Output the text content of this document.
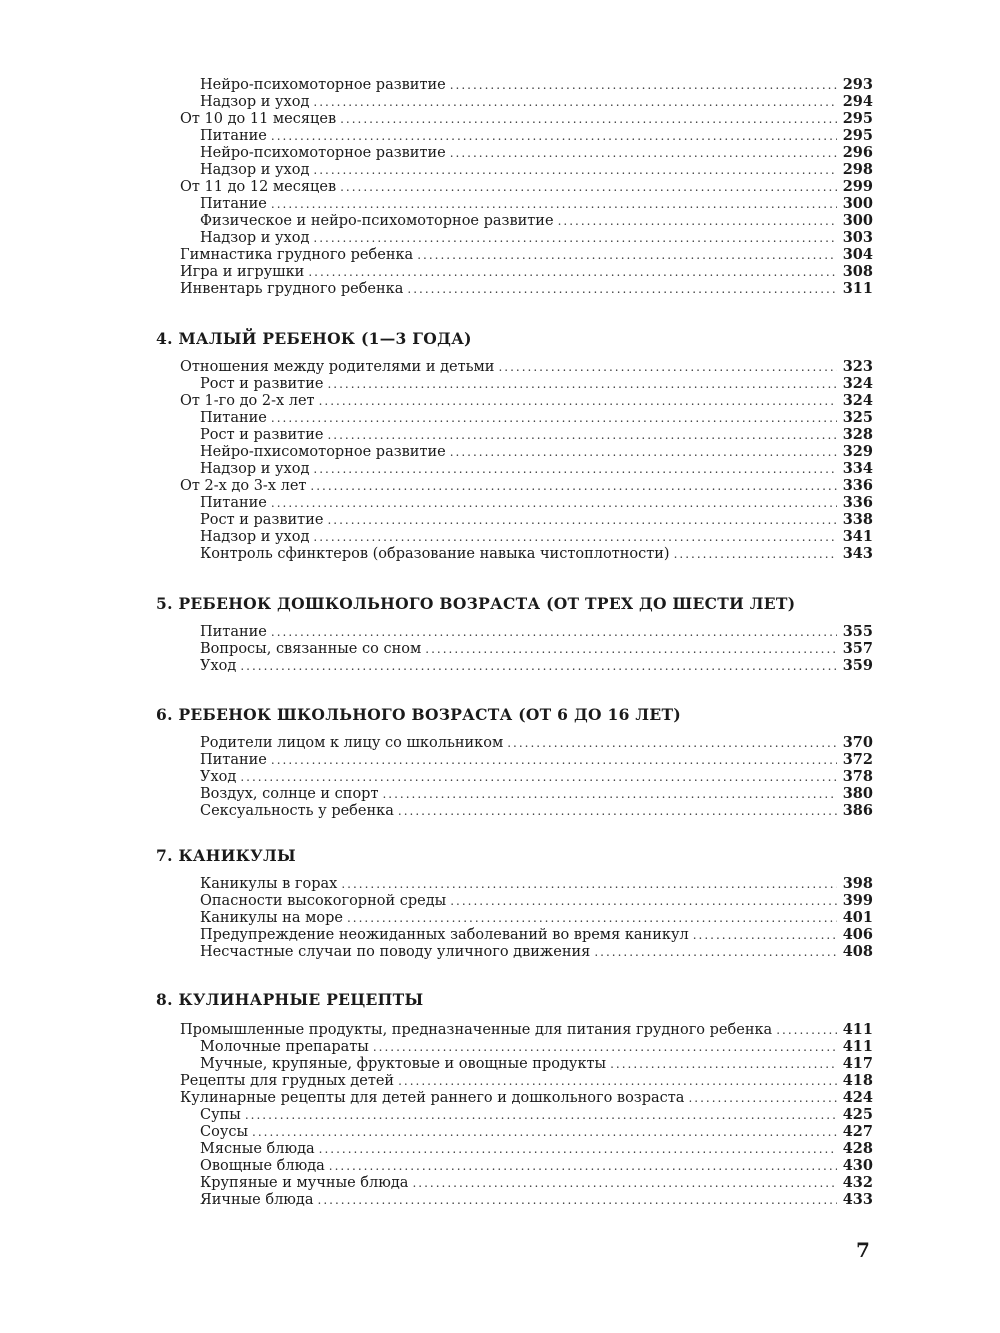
Нейро-психомоторное развитие .....	293
Надзор и уход .....	294
От 10 до 11 месяцев .....	295
Питание .....	295
Нейро-психомоторное развитие .....	296
Надзор и уход .....	298
От 11 до 12 месяцев .....	299
Питание .....	300
Физическое и нейро-психомоторное развитие .....	300
Надзор и уход .....	303
Гимнастика грудного ребенка .....	304
Игра и игрушки .....	308
Инвентарь грудного ребенка .....	311
4. МАЛЫЙ РЕБЕНОК (1—3 ГОДА)
Отношения между родителями и детьми .....	323
Рост и развитие .....	324
От 1-го до 2-х лет .....	324
Питание .....	325
Рост и развитие .....	328
Нейро-пхисомоторное развитие .....	329
Надзор и уход .....	334
От 2-х до 3-х лет .....	336
Питание .....	336
Рост и развитие .....	338
Надзор и уход .....	341
Контроль сфинктеров (образование навыка чистоплотности) .....	343
5. РЕБЕНОК ДОШКОЛЬНОГО ВОЗРАСТА (ОТ ТРЕХ ДО ШЕСТИ ЛЕТ)
Питание .....	355
Вопросы, связанные со сном .....	357
Уход .....	359
6. РЕБЕНОК ШКОЛЬНОГО ВОЗРАСТА (ОТ 6 ДО 16 ЛЕТ)
Родители лицом к лицу со школьником .....	370
Питание .....	372
Уход .....	378
Воздух, солнце и спорт .....	380
Сексуальность у ребенка .....	386
7. КАНИКУЛЫ
Каникулы в горах .....	398
Опасности высокогорной среды .....	399
Каникулы на море .....	401
Предупреждение неожиданных заболеваний во время каникул .....	406
Несчастные случаи по поводу уличного движения .....	408
8. КУЛИНАРНЫЕ РЕЦЕПТЫ
Промышленные продукты, предназначенные для питания грудного ребенка .....	411
Молочные препараты .....	411
Мучные, крупяные, фруктовые и овощные продукты .....	417
Рецепты для грудных детей .....	418
Кулинарные рецепты для детей раннего и дошкольного возраста .....	424
Супы .....	425
Соусы .....	427
Мясные блюда .....	428
Овощные блюда .....	430
Крупяные и мучные блюда .....	432
Яичные блюда .....	433
7
